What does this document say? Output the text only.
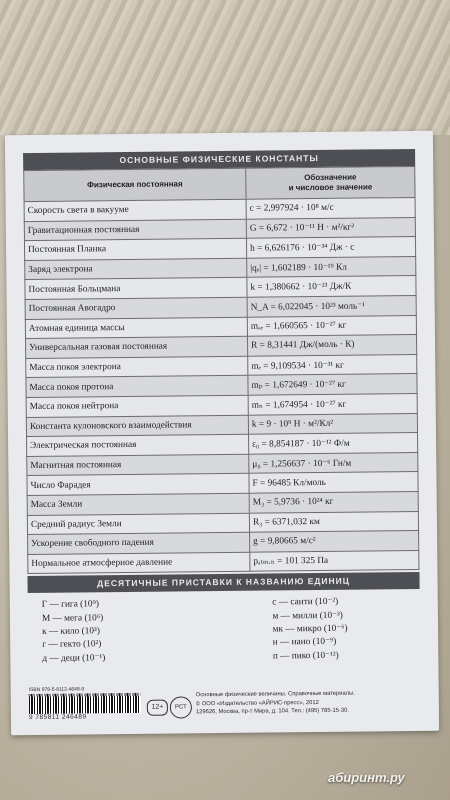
ОСНОВНЫЕ ФИЗИЧЕСКИЕ КОНСТАНТЫ
Физическая постоянная	Обозначение
и числовое значение

Скорость света в вакууме	c = 2,997924 · 10⁸ м/с
Гравитационная постоянная	G = 6,672 · 10⁻¹¹ Н · м²/кг²
Постоянная Планка	h = 6,626176 · 10⁻³⁴ Дж · с
Заряд электрона	|qₑ| = 1,602189 · 10⁻¹⁹ Кл
Постоянная Больцмана	k = 1,380662 · 10⁻²³ Дж/К
Постоянная Авогадро	N_A = 6,022045 · 10²³ моль⁻¹
Атомная единица массы	mₐₑ = 1,660565 · 10⁻²⁷ кг
Универсальная газовая постоянная	R = 8,31441 Дж/(моль · К)
Масса покоя электрона	mₑ = 9,109534 · 10⁻³¹ кг
Масса покоя протона	mₚ = 1,672649 · 10⁻²⁷ кг
Масса покоя нейтрона	mₙ = 1,674954 · 10⁻²⁷ кг
Константа кулоновского взаимодействия	k = 9 · 10⁹ Н · м²/Кл²
Электрическая постоянная	ε₀ = 8,854187 · 10⁻¹² Ф/м
Магнитная постоянная	μ₀ = 1,256637 · 10⁻⁶ Гн/м
Число Фарадея	F = 96485 Кл/моль
Масса Земли	M₃ = 5,9736 · 10²⁴ кг
Средний радиус Земли	R₃ = 6371,032 км
Ускорение свободного падения	g = 9,80665 м/с²
Нормальное атмосферное давление	pₐₜₘ.ₙ = 101 325 Па
ДЕСЯТИЧНЫЕ ПРИСТАВКИ К НАЗВАНИЮ ЕДИНИЦ
Г — гига (10⁹)
М — мега (10⁶)
к — кило (10³)
г — гекто (10²)
д — деци (10⁻¹)
с — санти (10⁻²)
м — милли (10⁻³)
мк — микро (10⁻⁶)
н — нано (10⁻⁹)
п — пико (10⁻¹²)
ISBN 978-5-8112-4648-9
9 785811 246489
12+	РСТ
Основные физические величины. Справочные материалы.
© ООО «Издательство «АЙРИС-пресс», 2012
129626, Москва, пр-т Мира, д. 104. Тел.: (495) 785-15-30.
абиринт.ру
